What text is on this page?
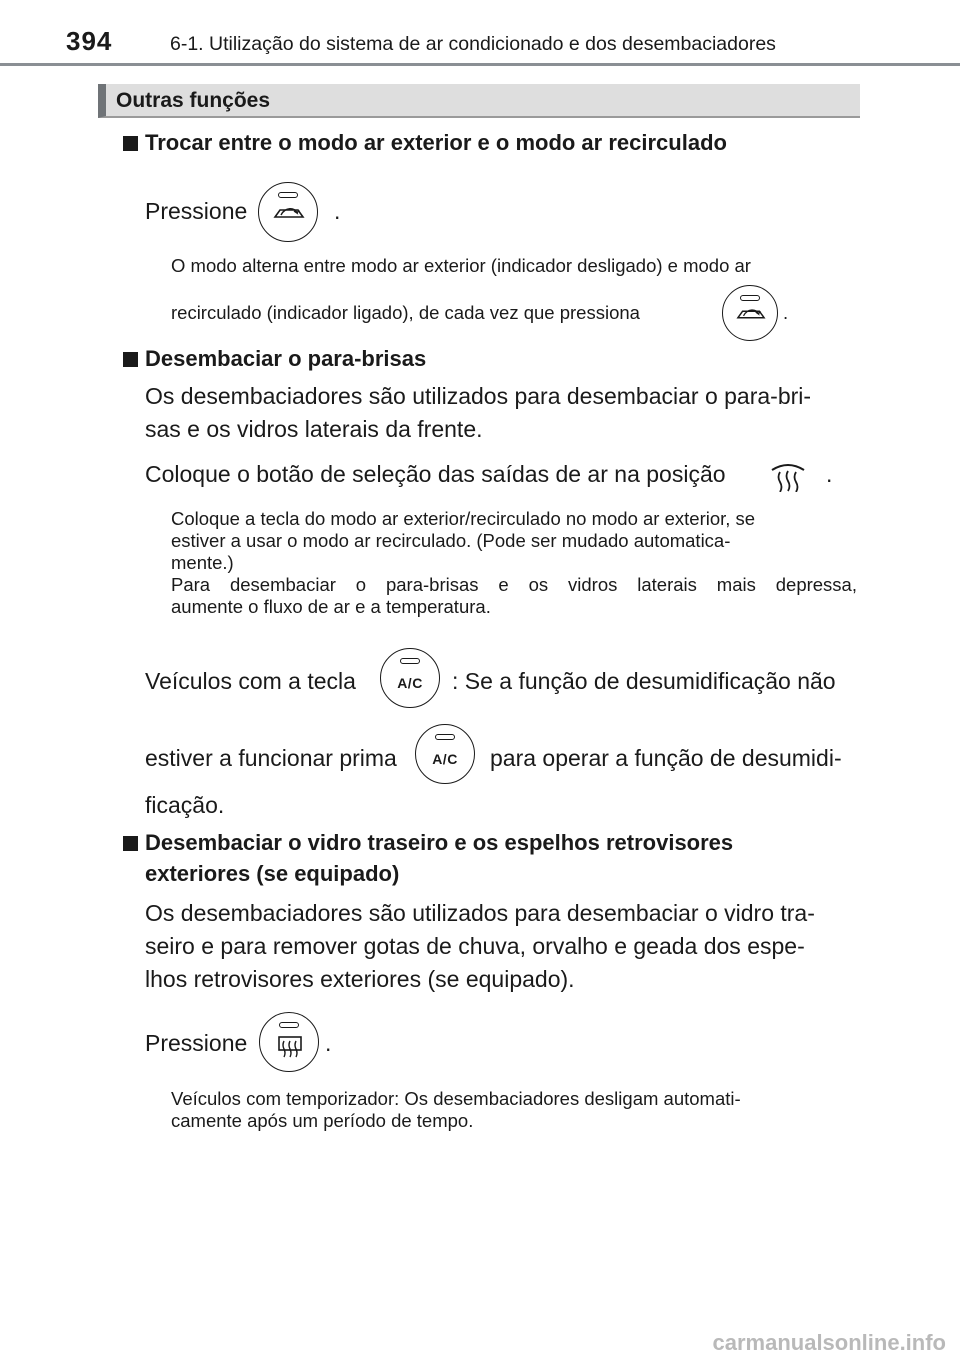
394	6-1. Utilização do sistema de ar condicionado e dos desembaciadores
Outras funções
Trocar entre o modo ar exterior e o modo ar recirculado
Pressione	.
O modo alterna entre modo ar exterior (indicador desligado) e modo ar
recirculado (indicador ligado), de cada vez que pressiona	.
Desembaciar o para-brisas
Os desembaciadores são utilizados para desembaciar o para-bri-
sas e os vidros laterais da frente.
Coloque o botão de seleção das saídas de ar na posição	.
Coloque a tecla do modo ar exterior/recirculado no modo ar exterior, se
estiver a usar o modo ar recirculado. (Pode ser mudado automatica-
mente.)
Para desembaciar o para-brisas e os vidros laterais mais depressa,
aumente o fluxo de ar e a temperatura.
Veículos com a tecla	A/C	: Se a função de desumidificação não
estiver a funcionar prima	A/C	para operar a função de desumidi-
ficação.
Desembaciar o vidro traseiro e os espelhos retrovisores
exteriores (se equipado)
Os desembaciadores são utilizados para desembaciar o vidro tra-
seiro e para remover gotas de chuva, orvalho e geada dos espe-
lhos retrovisores exteriores (se equipado).
Pressione	.
Veículos com temporizador: Os desembaciadores desligam automati-
camente após um período de tempo.
carmanualsonline.info
